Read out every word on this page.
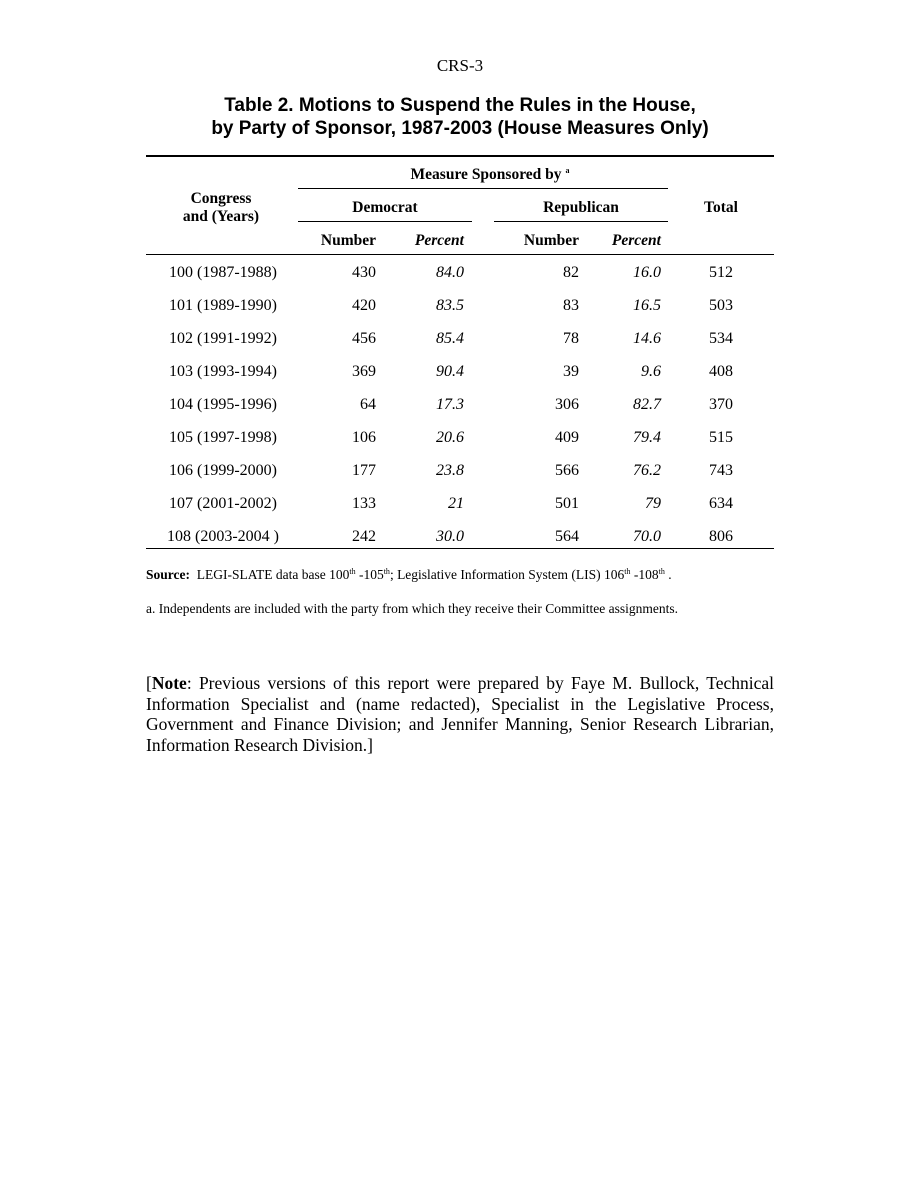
CRS-3
Table 2. Motions to Suspend the Rules in the House,
by Party of Sponsor, 1987-2003 (House Measures Only)
Measure Sponsored by $^a$
Congress
and (Years)
Democrat	Republican	Total
Number	Percent	Number	Percent
100 (1987-1988)	430	84.0	82	16.0	512
101 (1989-1990)	420	83.5	83	16.5	503
102 (1991-1992)	456	85.4	78	14.6	534
103 (1993-1994)	369	90.4	39	9.6	408
104 (1995-1996)	64	17.3	306	82.7	370
105 (1997-1998)	106	20.6	409	79.4	515
106 (1999-2000)	177	23.8	566	76.2	743
107 (2001-2002)	133	21	501	79	634
108 (2003-2004 )	242	30.0	564	70.0	806
Source: LEGI-SLATE data base 100th -105th; Legislative Information System (LIS) 106th -108th .
a. Independents are included with the party from which they receive their Committee assignments.
[Note: Previous versions of this report were prepared by Faye M. Bullock, Technical Information Specialist and (name redacted), Specialist in the Legislative Process, Government and Finance Division; and Jennifer Manning, Senior Research Librarian, Information Research Division.]
